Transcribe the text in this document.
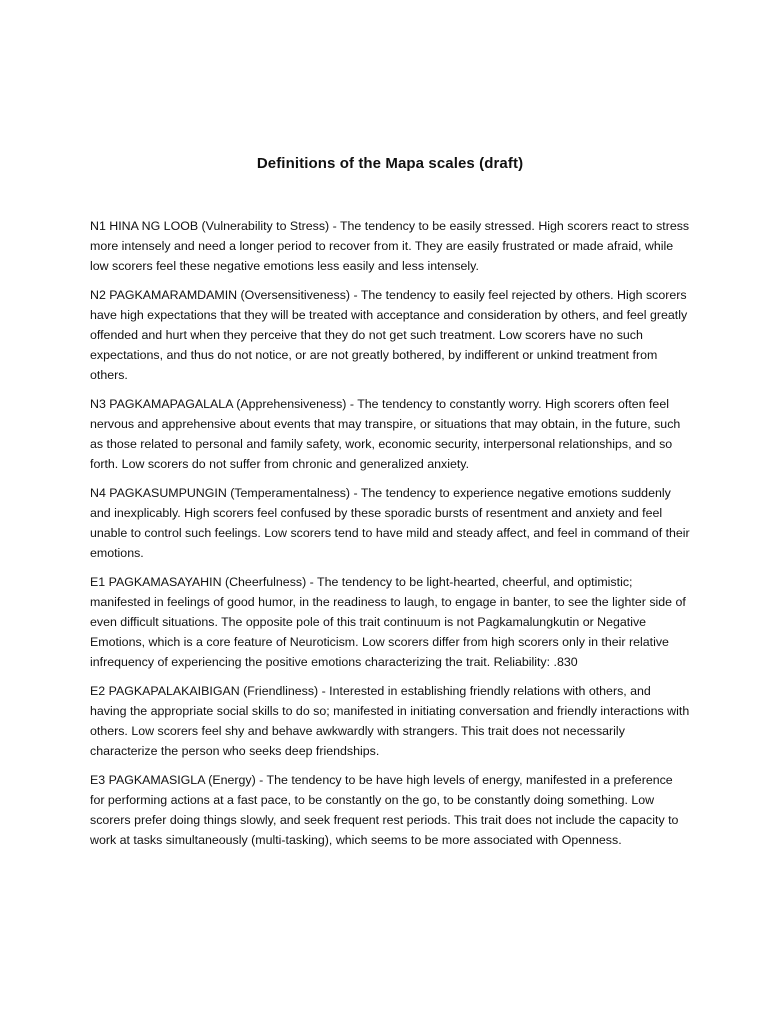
Definitions of the Mapa scales (draft)

N1 HINA NG LOOB (Vulnerability to Stress) - The tendency to be easily stressed. High scorers react to stress more intensely and need a longer period to recover from it. They are easily frustrated or made afraid, while low scorers feel these negative emotions less easily and less intensely.

N2 PAGKAMARAMDAMIN (Oversensitiveness) - The tendency to easily feel rejected by others. High scorers have high expectations that they will be treated with acceptance and consideration by others, and feel greatly offended and hurt when they perceive that they do not get such treatment. Low scorers have no such expectations, and thus do not notice, or are not greatly bothered, by indifferent or unkind treatment from others.

N3 PAGKAMAPAGALALA (Apprehensiveness) - The tendency to constantly worry. High scorers often feel nervous and apprehensive about events that may transpire, or situations that may obtain, in the future, such as those related to personal and family safety, work, economic security, interpersonal relationships, and so forth. Low scorers do not suffer from chronic and generalized anxiety.

N4 PAGKASUMPUNGIN (Temperamentalness) - The tendency to experience negative emotions suddenly and inexplicably. High scorers feel confused by these sporadic bursts of resentment and anxiety and feel unable to control such feelings. Low scorers tend to have mild and steady affect, and feel in command of their emotions.

E1 PAGKAMASAYAHIN (Cheerfulness) - The tendency to be light-hearted, cheerful, and optimistic; manifested in feelings of good humor, in the readiness to laugh, to engage in banter, to see the lighter side of even difficult situations. The opposite pole of this trait continuum is not Pagkamalungkutin or Negative Emotions, which is a core feature of Neuroticism. Low scorers differ from high scorers only in their relative infrequency of experiencing the positive emotions characterizing the trait. Reliability: .830

E2 PAGKAPALAKAIBIGAN (Friendliness) - Interested in establishing friendly relations with others, and having the appropriate social skills to do so; manifested in initiating conversation and friendly interactions with others. Low scorers feel shy and behave awkwardly with strangers. This trait does not necessarily characterize the person who seeks deep friendships.

E3 PAGKAMASIGLA (Energy) - The tendency to be have high levels of energy, manifested in a preference for performing actions at a fast pace, to be constantly on the go, to be constantly doing something. Low scorers prefer doing things slowly, and seek frequent rest periods. This trait does not include the capacity to work at tasks simultaneously (multi-tasking), which seems to be more associated with Openness.
